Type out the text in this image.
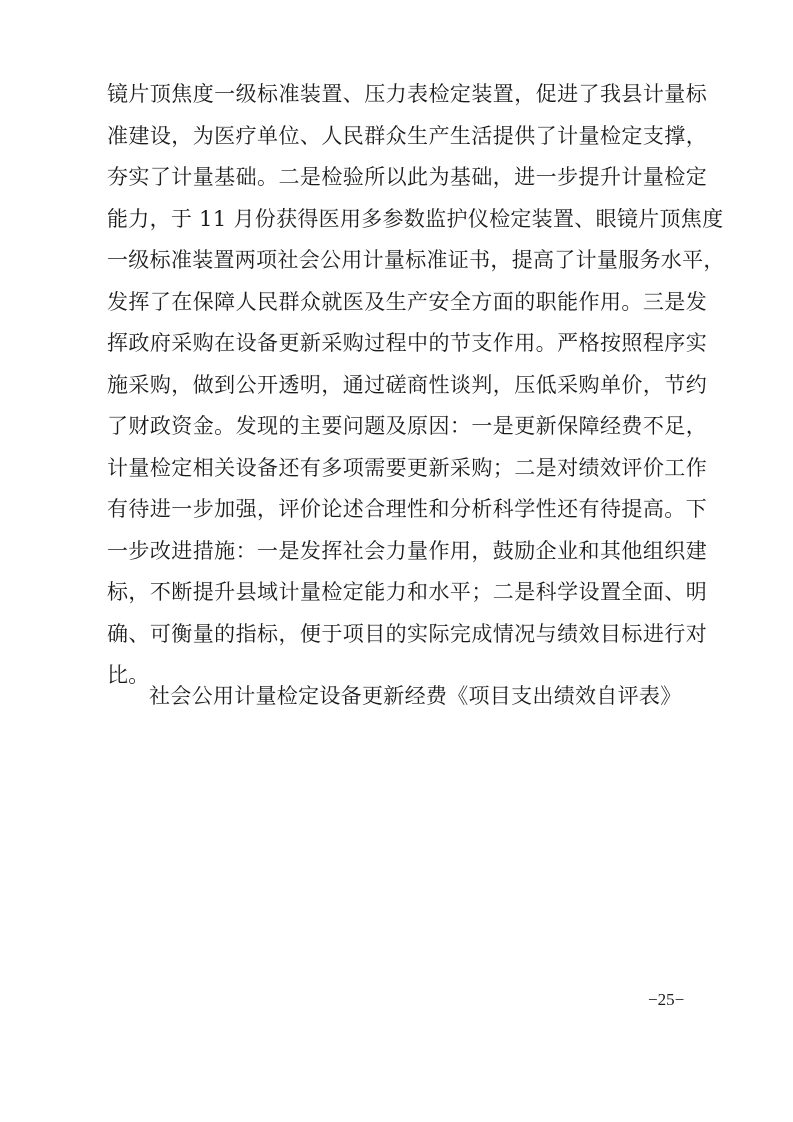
镜片顶焦度一级标准装置、压力表检定装置，促进了我县计量标
准建设，为医疗单位、人民群众生产生活提供了计量检定支撑，
夯实了计量基础。二是检验所以此为基础，进一步提升计量检定
能力，于 11 月份获得医用多参数监护仪检定装置、眼镜片顶焦度
一级标准装置两项社会公用计量标准证书，提高了计量服务水平，
发挥了在保障人民群众就医及生产安全方面的职能作用。三是发
挥政府采购在设备更新采购过程中的节支作用。严格按照程序实
施采购，做到公开透明，通过磋商性谈判，压低采购单价，节约
了财政资金。发现的主要问题及原因：一是更新保障经费不足，
计量检定相关设备还有多项需要更新采购；二是对绩效评价工作
有待进一步加强，评价论述合理性和分析科学性还有待提高。下
一步改进措施：一是发挥社会力量作用，鼓励企业和其他组织建
标，不断提升县域计量检定能力和水平；二是科学设置全面、明
确、可衡量的指标，便于项目的实际完成情况与绩效目标进行对
比。
社会公用计量检定设备更新经费《项目支出绩效自评表》
−25−
